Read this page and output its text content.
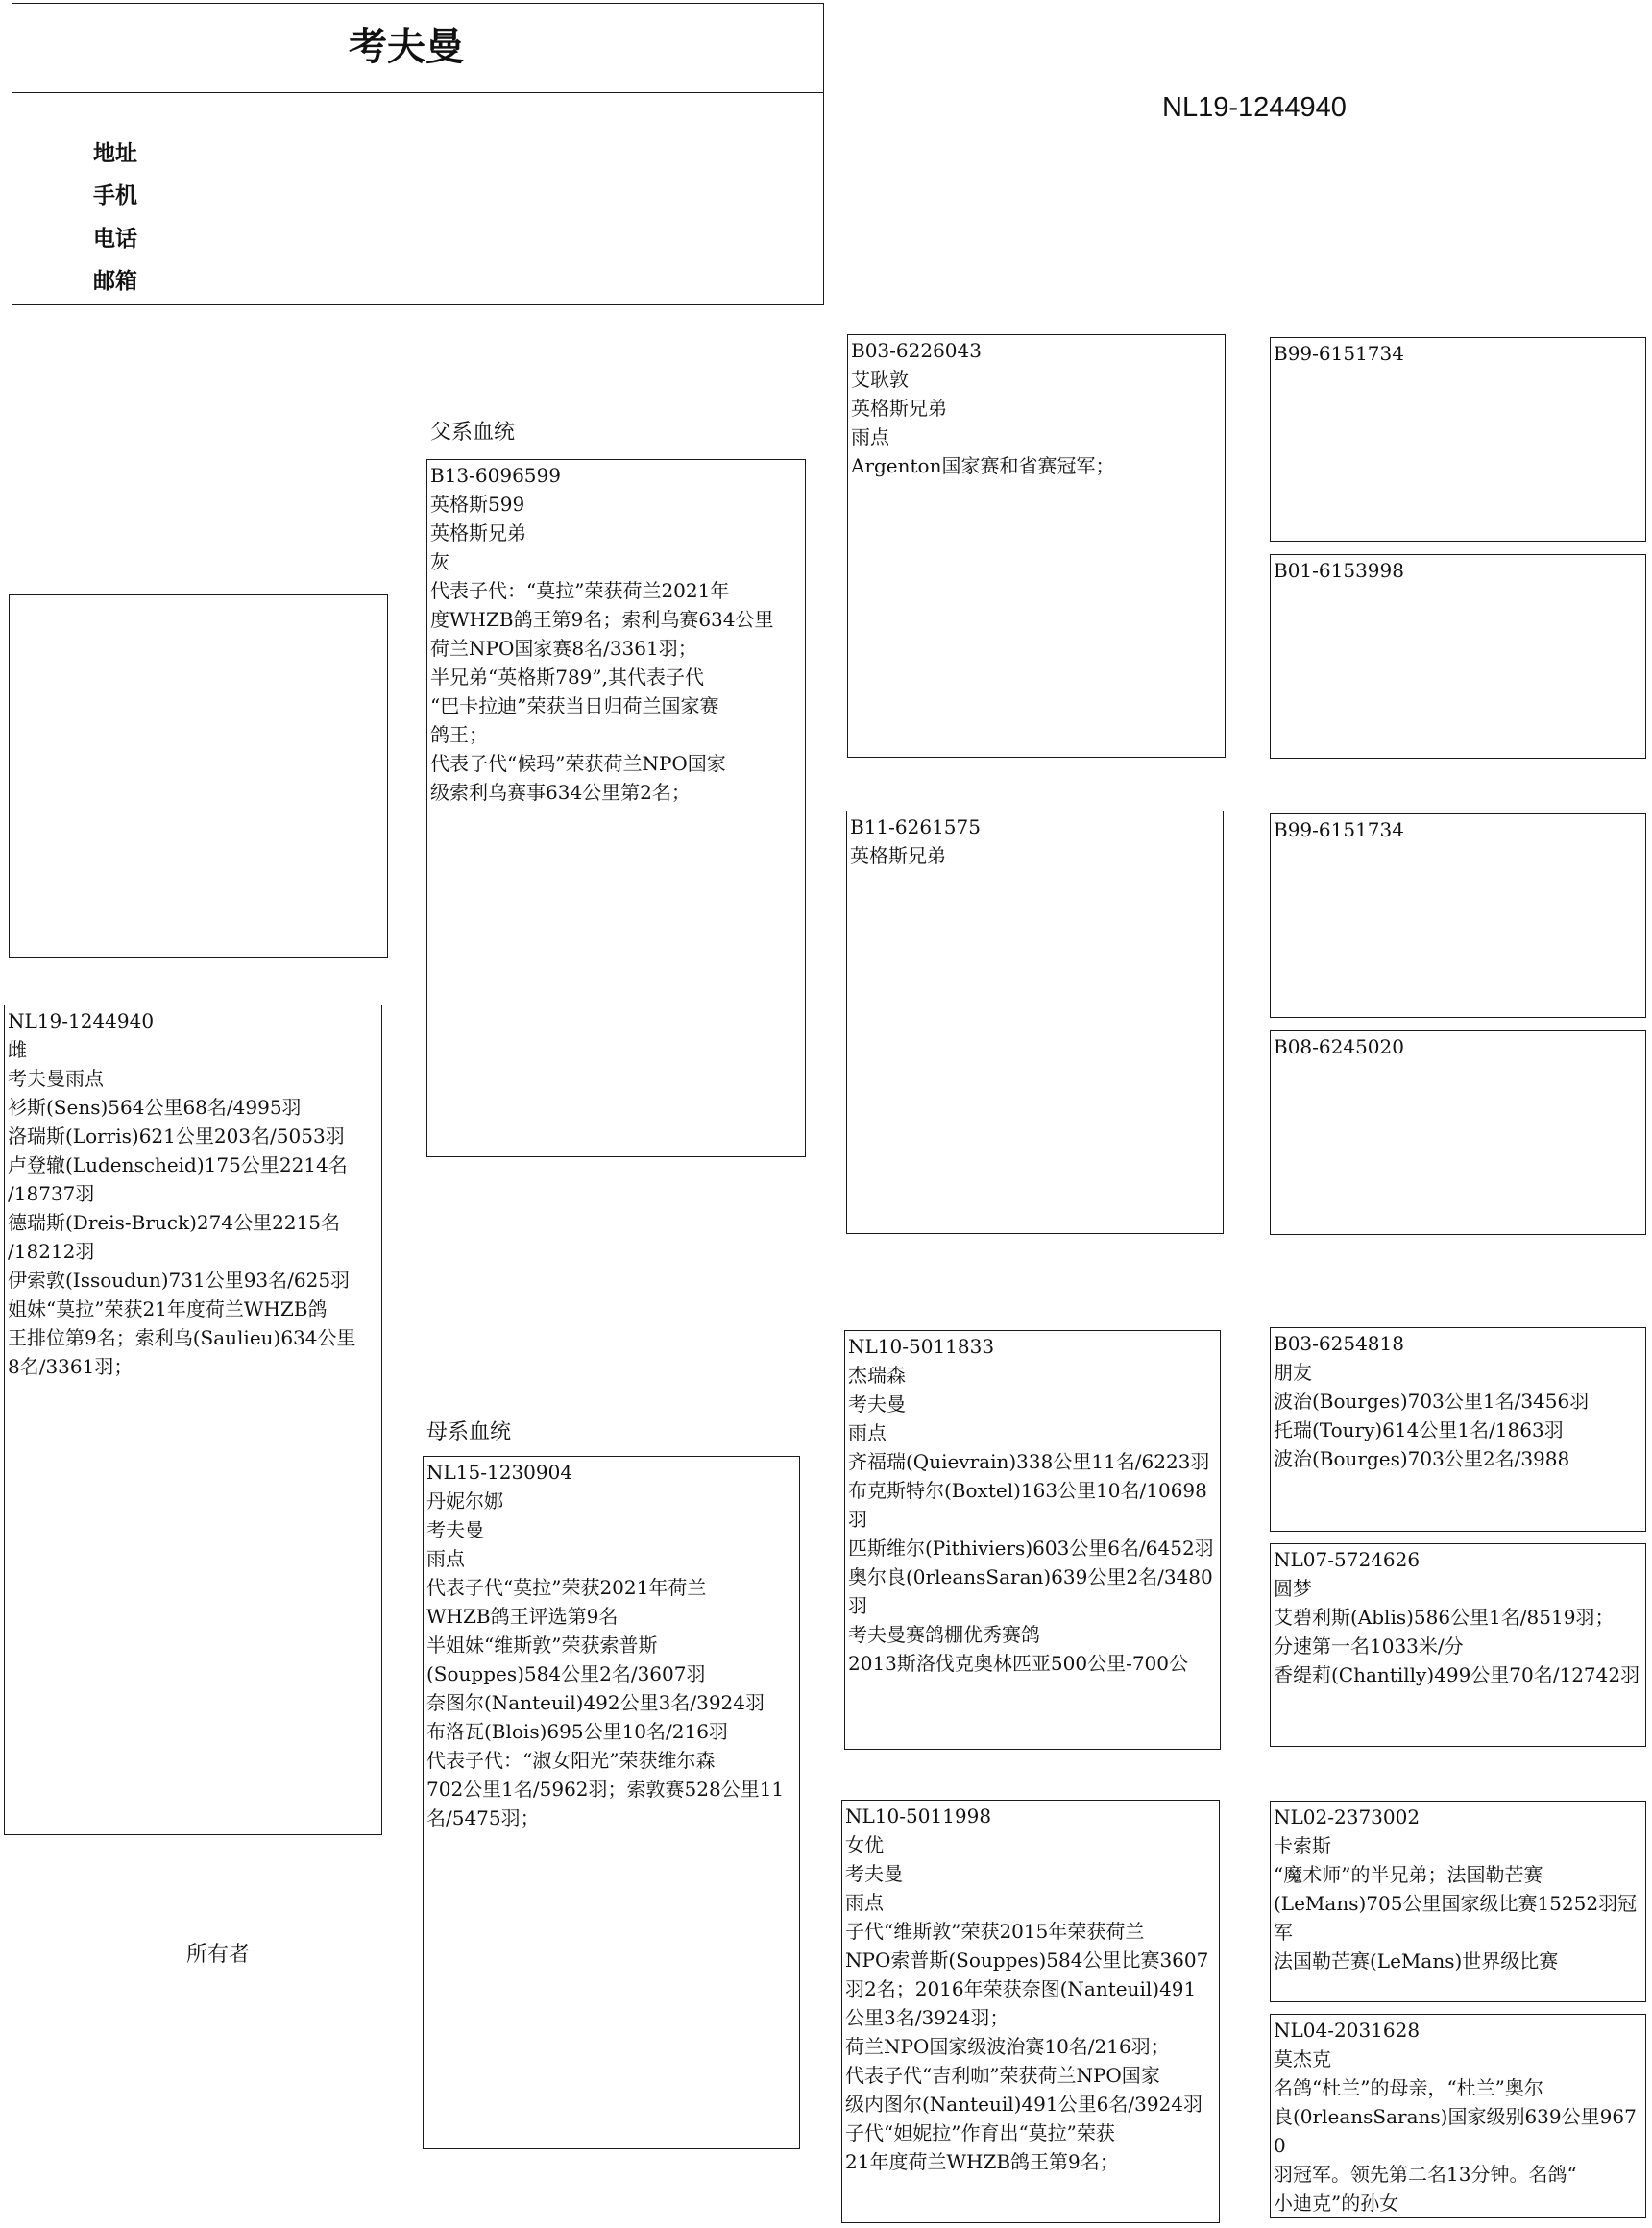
考夫曼
地址
手机
电话
邮箱
NL19-1244940
NL19-1244940
雌
考夫曼雨点
衫斯(Sens)564公里68名/4995羽
洛瑞斯(Lorris)621公里203名/5053羽
卢登辙(Ludenscheid)175公里2214名
/18737羽
德瑞斯(Dreis-Bruck)274公里2215名
/18212羽
伊索敦(Issoudun)731公里93名/625羽
姐妹“莫拉”荣获21年度荷兰WHZB鸽
王排位第9名；索利乌(Saulieu)634公里
8名/3361羽；
所有者
父系血统
B13-6096599
英格斯599
英格斯兄弟
灰
代表子代：“莫拉”荣获荷兰2021年
度WHZB鸽王第9名；索利乌赛634公里
荷兰NPO国家赛8名/3361羽；
半兄弟“英格斯789”,其代表子代
“巴卡拉迪”荣获当日归荷兰国家赛
鸽王；
代表子代“候玛”荣获荷兰NPO国家
级索利乌赛事634公里第2名；
母系血统
NL15-1230904
丹妮尔娜
考夫曼
雨点
代表子代“莫拉”荣获2021年荷兰
WHZB鸽王评选第9名
半姐妹“维斯敦”荣获索普斯
(Souppes)584公里2名/3607羽
奈图尔(Nanteuil)492公里3名/3924羽
布洛瓦(Blois)695公里10名/216羽
代表子代：“淑女阳光”荣获维尔森
702公里1名/5962羽；索敦赛528公里11
名/5475羽；
B03-6226043
艾耿敦
英格斯兄弟
雨点
Argenton国家赛和省赛冠军；
B11-6261575
英格斯兄弟
NL10-5011833
杰瑞森
考夫曼
雨点
齐福瑞(Quievrain)338公里11名/6223羽
布克斯特尔(Boxtel)163公里10名/10698
羽
匹斯维尔(Pithiviers)603公里6名/6452羽
奥尔良(0rleansSaran)639公里2名/3480
羽
考夫曼赛鸽棚优秀赛鸽
2013斯洛伐克奥林匹亚500公里-700公
NL10-5011998
女优
考夫曼
雨点
子代“维斯敦”荣获2015年荣获荷兰
NPO索普斯(Souppes)584公里比赛3607
羽2名；2016年荣获奈图(Nanteuil)491
公里3名/3924羽；
荷兰NPO国家级波治赛10名/216羽；
代表子代“吉利咖”荣获荷兰NPO国家
级内图尔(Nanteuil)491公里6名/3924羽
子代“妲妮拉”作育出“莫拉”荣获
21年度荷兰WHZB鸽王第9名；
B99-6151734
B01-6153998
B99-6151734
B08-6245020
B03-6254818
朋友
波治(Bourges)703公里1名/3456羽
托瑞(Toury)614公里1名/1863羽
波治(Bourges)703公里2名/3988
NL07-5724626
圆梦
艾碧利斯(Ablis)586公里1名/8519羽；
分速第一名1033米/分
香缇莉(Chantilly)499公里70名/12742羽
NL02-2373002
卡索斯
“魔术师”的半兄弟；法国勒芒赛
(LeMans)705公里国家级比赛15252羽冠
军
法国勒芒赛(LeMans)世界级比赛
NL04-2031628
莫杰克
名鸽“杜兰”的母亲，“杜兰”奥尔
良(0rleansSarans)国家级别639公里9670
羽冠军。领先第二名13分钟。名鸽“
小迪克”的孙女
